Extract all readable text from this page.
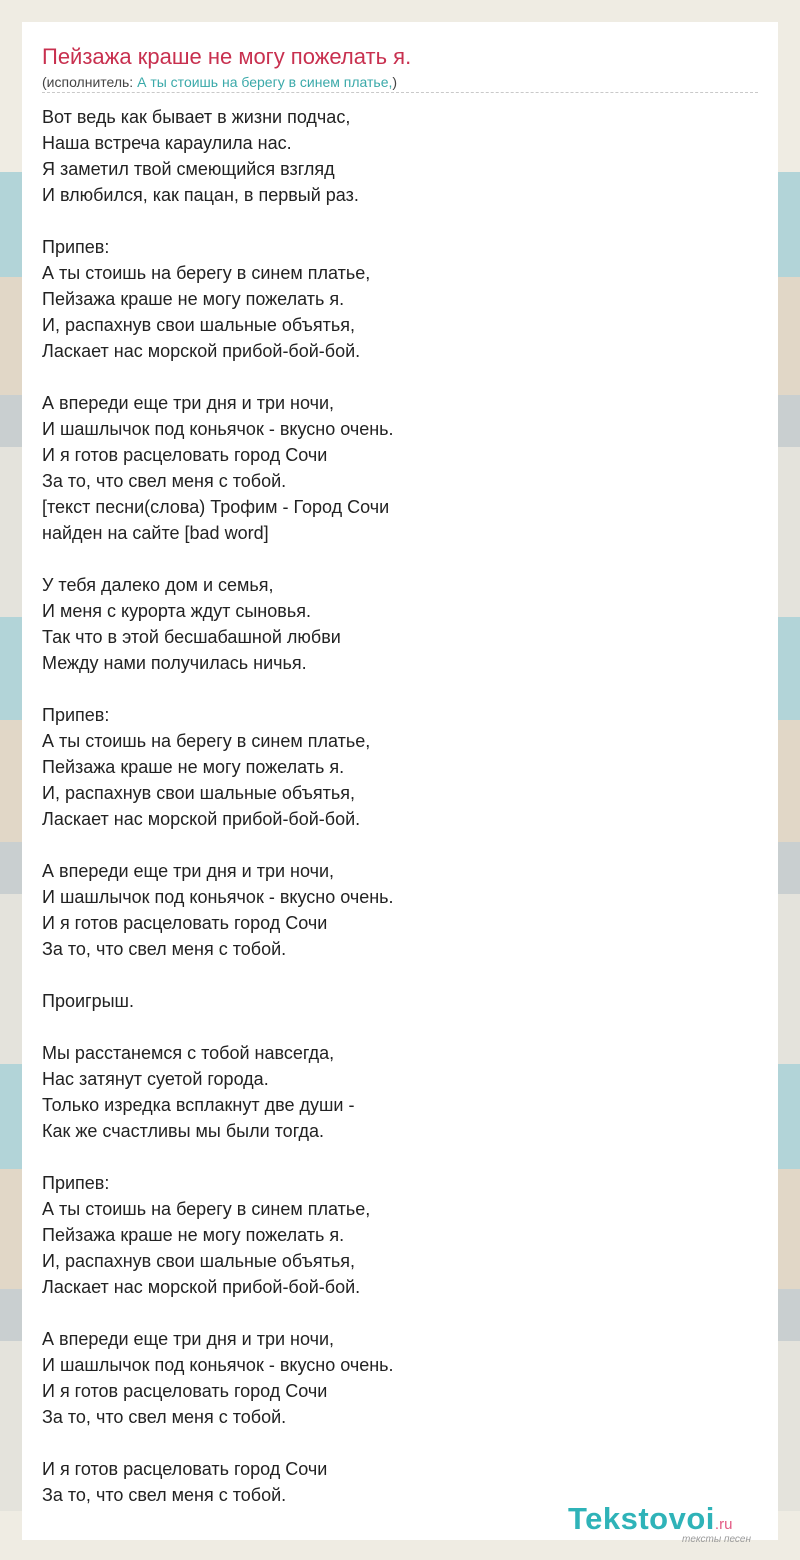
Пейзажа краше не могу пожелать я.
(исполнитель: А ты стоишь на берегу в синем платье,)
Вот ведь как бывает в жизни подчас,
Наша встреча караулила нас.
Я заметил твой смеющийся взгляд
И влюбился, как пацан, в первый раз.

Припев:
А ты стоишь на берегу в синем платье,
Пейзажа краше не могу пожелать я.
И, распахнув свои шальные объятья,
Ласкает нас морской прибой-бой-бой.

А впереди еще три дня и три ночи,
И шашлычок под коньячок - вкусно очень.
И я готов расцеловать город Сочи
За то, что свел меня с тобой.
[текст песни(слова) Трофим - Город Сочи
найден на сайте [bad word]

У тебя далеко дом и семья,
И меня с курорта ждут сыновья.
Так что в этой бесшабашной любви
Между нами получилась ничья.

Припев:
А ты стоишь на берегу в синем платье,
Пейзажа краше не могу пожелать я.
И, распахнув свои шальные объятья,
Ласкает нас морской прибой-бой-бой.

А впереди еще три дня и три ночи,
И шашлычок под коньячок - вкусно очень.
И я готов расцеловать город Сочи
За то, что свел меня с тобой.

Проигрыш.

Мы расстанемся с тобой навсегда,
Нас затянут суетой города.
Только изредка всплакнут две души -
Как же счастливы мы были тогда.

Припев:
А ты стоишь на берегу в синем платье,
Пейзажа краше не могу пожелать я.
И, распахнув свои шальные объятья,
Ласкает нас морской прибой-бой-бой.

А впереди еще три дня и три ночи,
И шашлычок под коньячок - вкусно очень.
И я готов расцеловать город Сочи
За то, что свел меня с тобой.

И я готов расцеловать город Сочи
За то, что свел меня с тобой.
Tekstovoi.ru
тексты песен
